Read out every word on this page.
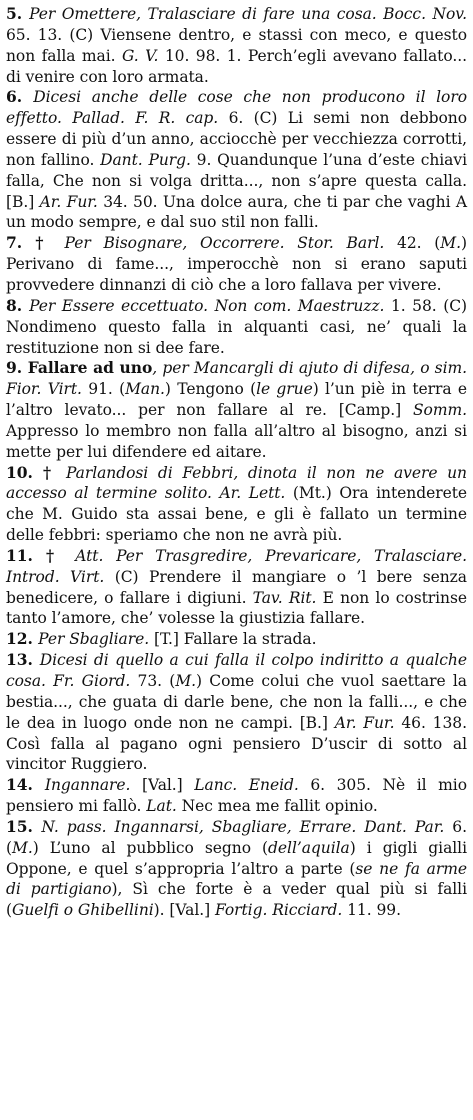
5. Per Omettere, Tralasciare di fare una cosa. Bocc. Nov. 65. 13. (C) Viensene dentro, e stassi con meco, e questo non falla mai. G. V. 10. 98. 1. Perch’egli avevano fallato... di venire con loro armata.

6. Dicesi anche delle cose che non producono il loro effetto. Pallad. F. R. cap. 6. (C) Li semi non debbono essere di più d’un anno, acciocchè per vecchiezza corrotti, non fallino. Dant. Purg. 9. Quandunque l’una d’este chiavi falla, Che non si volga dritta..., non s’apre questa calla. [B.] Ar. Fur. 34. 50. Una dolce aura, che ti par che vaghi A un modo sempre, e dal suo stil non falli.

7. † Per Bisognare, Occorrere. Stor. Barl. 42. (M.) Perivano di fame..., imperocchè non si erano saputi provvedere dinnanzi di ciò che a loro fallava per vivere.

8. Per Essere eccettuato. Non com. Maestruzz. 1. 58. (C) Nondimeno questo falla in alquanti casi, ne’ quali la restituzione non si dee fare.

9. Fallare ad uno, per Mancargli di ajuto di difesa, o sim. Fior. Virt. 91. (Man.) Tengono (le grue) l’un piè in terra e l’altro levato... per non fallare al re. [Camp.] Somm. Appresso lo membro non falla all’altro al bisogno, anzi si mette per lui difendere ed aitare.

10. † Parlandosi di Febbri, dinota il non ne avere un accesso al termine solito. Ar. Lett. (Mt.) Ora intenderete che M. Guido sta assai bene, e gli è fallato un termine delle febbri: speriamo che non ne avrà più.

11. † Att. Per Trasgredire, Prevaricare, Tralasciare. Introd. Virt. (C) Prendere il mangiare o ’l bere senza benedicere, o fallare i digiuni. Tav. Rit. E non lo costrinse tanto l’amore, che’ volesse la giustizia fallare.

12. Per Sbagliare. [T.] Fallare la strada.

13. Dicesi di quello a cui falla il colpo indiritto a qualche cosa. Fr. Giord. 73. (M.) Come colui che vuol saettare la bestia..., che guata di darle bene, che non la falli..., e che le dea in luogo onde non ne campi. [B.] Ar. Fur. 46. 138. Così falla al pagano ogni pensiero D’uscir di sotto al vincitor Ruggiero.

14. Ingannare. [Val.] Lanc. Eneid. 6. 305. Nè il mio pensiero mi fallò. Lat. Nec mea me fallit opinio.

15. N. pass. Ingannarsi, Sbagliare, Errare. Dant. Par. 6. (M.) L’uno al pubblico segno (dell’aquila) i gigli gialli Oppone, e quel s’appropria l’altro a parte (se ne fa arme di partigiano), Sì che forte è a veder qual più si falli (Guelfi o Ghibellini). [Val.] Fortig. Ricciard. 11. 99.
